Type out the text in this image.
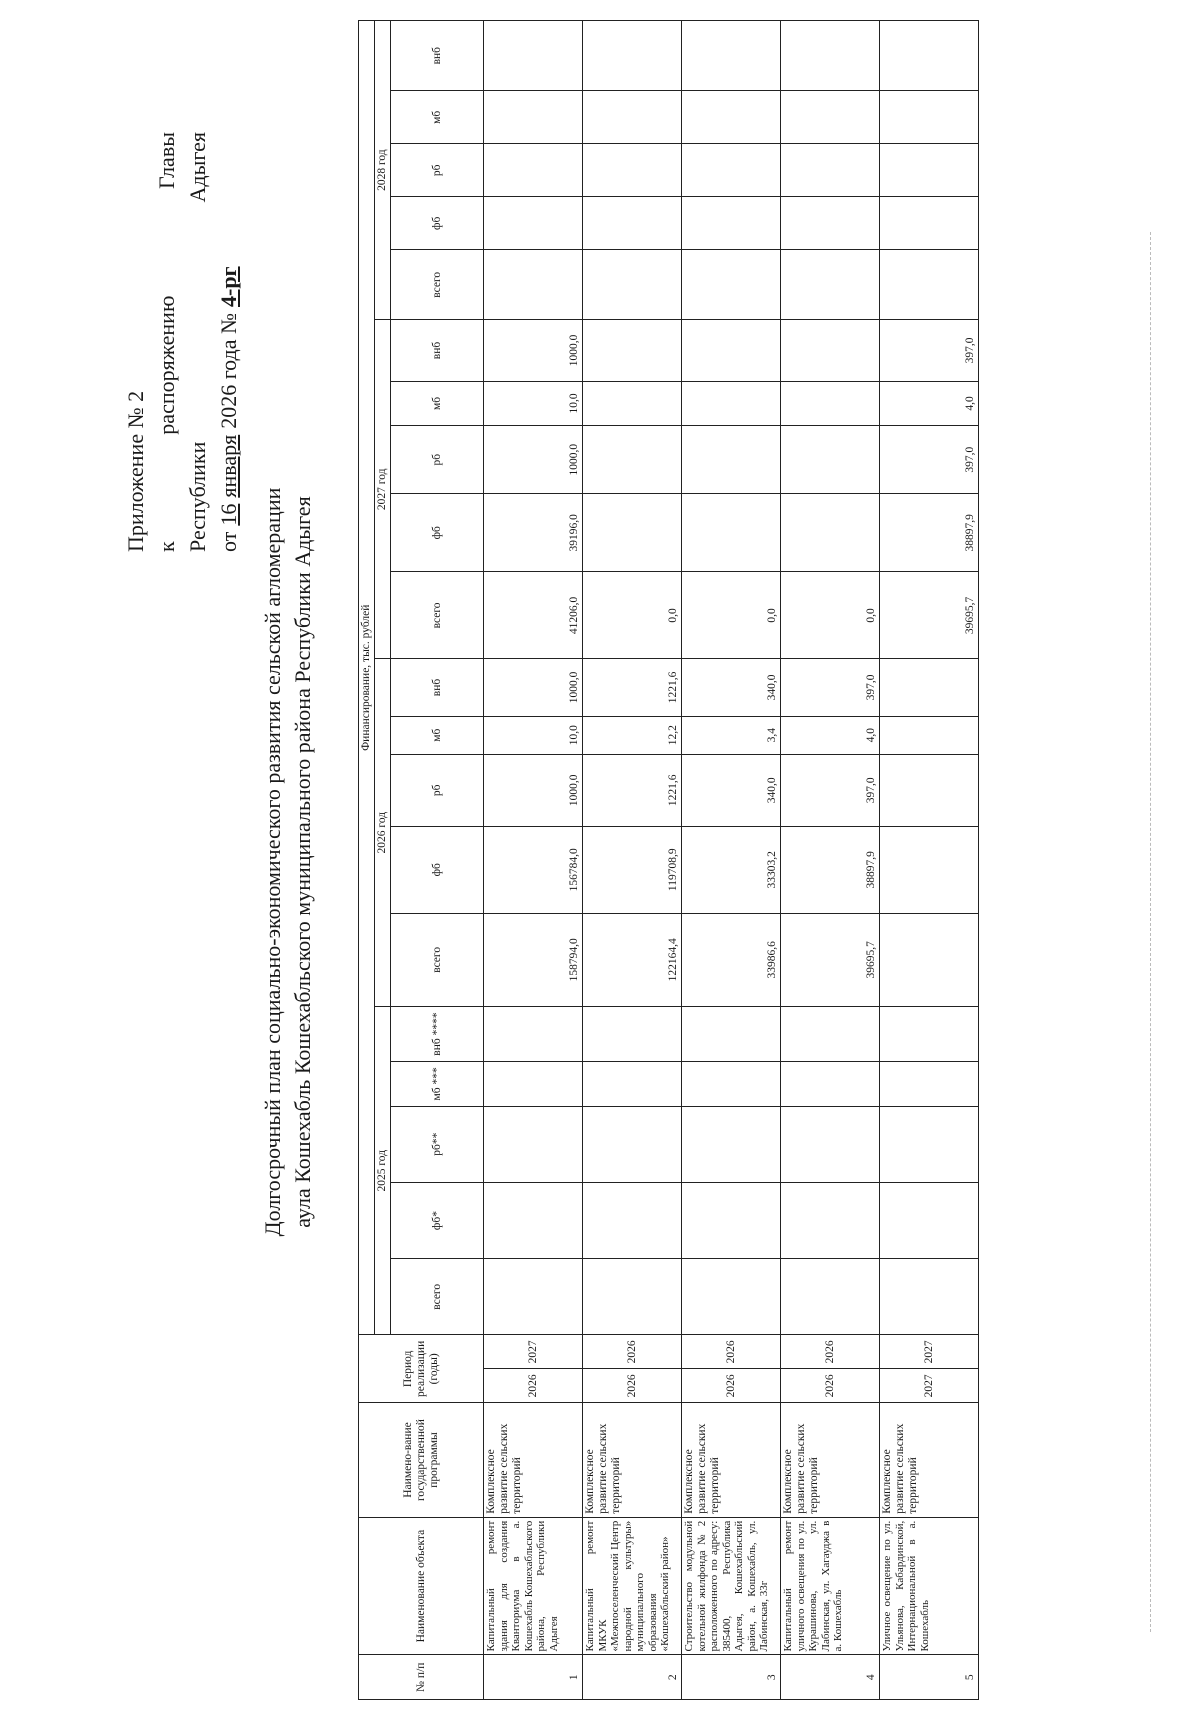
Приложение № 2 к
распоряжению
Главы
Республики
Адыгея
от
16
января
2026 года №
4-рг
Долгосрочный план социально-экономического развития сельской агломерации аула Кошехабль Кошехабльского муниципального района Республики Адыгея
№ п/п	Наименование объекта	Наимено-вание государственной программы	Период реализации (годы)		Финансирование, тыс. рублей																			
					2025 год					2026 год					2027 год					2028 год				
					всего	фб*	рб**	мб ***	внб ****	всего	фб	рб	мб	внб	всего	фб	рб	мб	внб	всего	фб	рб	мб	внб
1	Капитальный ремонт здания для создания Кванториума в а. Кошехабль Кошехабльского района, Республики Адыгея	Комплексное развитие сельских территорий	2026	2027						158794,0	156784,0	1000,0	10,0	1000,0	41206,0	39196,0	1000,0	10,0	1000,0					
2	Капитальный ремонт МКУК «Межпоселенческий Центр народной культуры» муниципального образования «Кошехабльский район»	Комплексное развитие сельских территорий	2026	2026						122164,4	119708,9	1221,6	12,2	1221,6	0,0									
3	Строительство модульной котельной жилфонда № 2 расположенного по адресу: 385400, Республика Адыгея, Кошехабльский район, а. Кошехабль, ул. Лабинская, 33г	Комплексное развитие сельских территорий	2026	2026						33986,6	33303,2	340,0	3,4	340,0	0,0									
4	Капитальный ремонт уличного освещения по ул. Курашинова, ул. Лабинская, ул. Хагауджа в а. Кошехабль	Комплексное развитие сельских территорий	2026	2026						39695,7	38897,9	397,0	4,0	397,0	0,0									
5	Уличное освещение по ул. Ульянова, Кабардинской, Интернациональной в а. Кошехабль	Комплексное развитие сельских территорий	2027	2027											39695,7	38897,9	397,0	4,0	397,0					
